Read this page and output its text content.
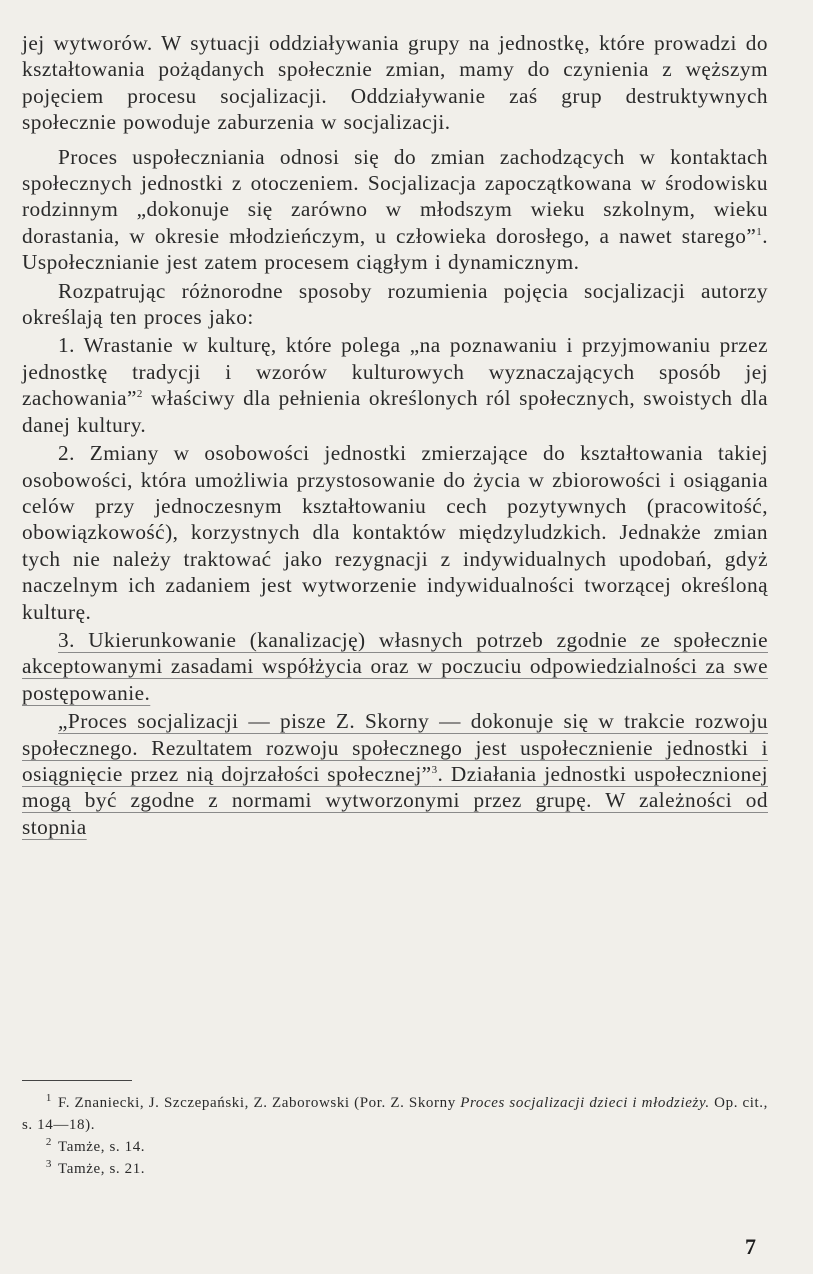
jej wytworów. W sytuacji oddziaływania grupy na jednostkę, które prowadzi do kształtowania pożądanych społecznie zmian, mamy do czynienia z węższym pojęciem procesu socjalizacji. Oddziaływanie zaś grup destruktywnych społecznie powoduje zaburzenia w socjalizacji.

Proces uspołeczniania odnosi się do zmian zachodzących w kontaktach społecznych jednostki z otoczeniem. Socjalizacja zapoczątkowana w środowisku rodzinnym „dokonuje się zarówno w młodszym wieku szkolnym, wieku dorastania, w okresie młodzieńczym, u człowieka dorosłego, a nawet starego”$^1$. Uspołecznianie jest zatem procesem ciągłym i dynamicznym.

Rozpatrując różnorodne sposoby rozumienia pojęcia socjalizacji autorzy określają ten proces jako:

1. Wrastanie w kulturę, które polega „na poznawaniu i przyjmowaniu przez jednostkę tradycji i wzorów kulturowych wyznaczających sposób jej zachowania”$^2$ właściwy dla pełnienia określonych ról społecznych, swoistych dla danej kultury.

2. Zmiany w osobowości jednostki zmierzające do kształtowania takiej osobowości, która umożliwia przystosowanie do życia w zbiorowości i osiągania celów przy jednoczesnym kształtowaniu cech pozytywnych (pracowitość, obowiązkowość), korzystnych dla kontaktów międzyludzkich. Jednakże zmian tych nie należy traktować jako rezygnacji z indywidualnych upodobań, gdyż naczelnym ich zadaniem jest wytworzenie indywidualności tworzącej określoną kulturę.

3. Ukierunkowanie (kanalizację) własnych potrzeb zgodnie ze społecznie akceptowanymi zasadami współżycia oraz w poczuciu odpowiedzialności za swe postępowanie.

„Proces socjalizacji — pisze Z. Skorny — dokonuje się w trakcie rozwoju społecznego. Rezultatem rozwoju społecznego jest uspołecznienie jednostki i osiągnięcie przez nią dojrzałości społecznej”$^3$. Działania jednostki uspołecznionej mogą być zgodne z normami wytworzonymi przez grupę. W zależności od stopnia

$^1$ F. Znaniecki, J. Szczepański, Z. Zaborowski (Por. Z. Skorny Proces socjalizacji dzieci i młodzieży. Op. cit., s. 14—18).

$^2$ Tamże, s. 14.

$^3$ Tamże, s. 21.

7
